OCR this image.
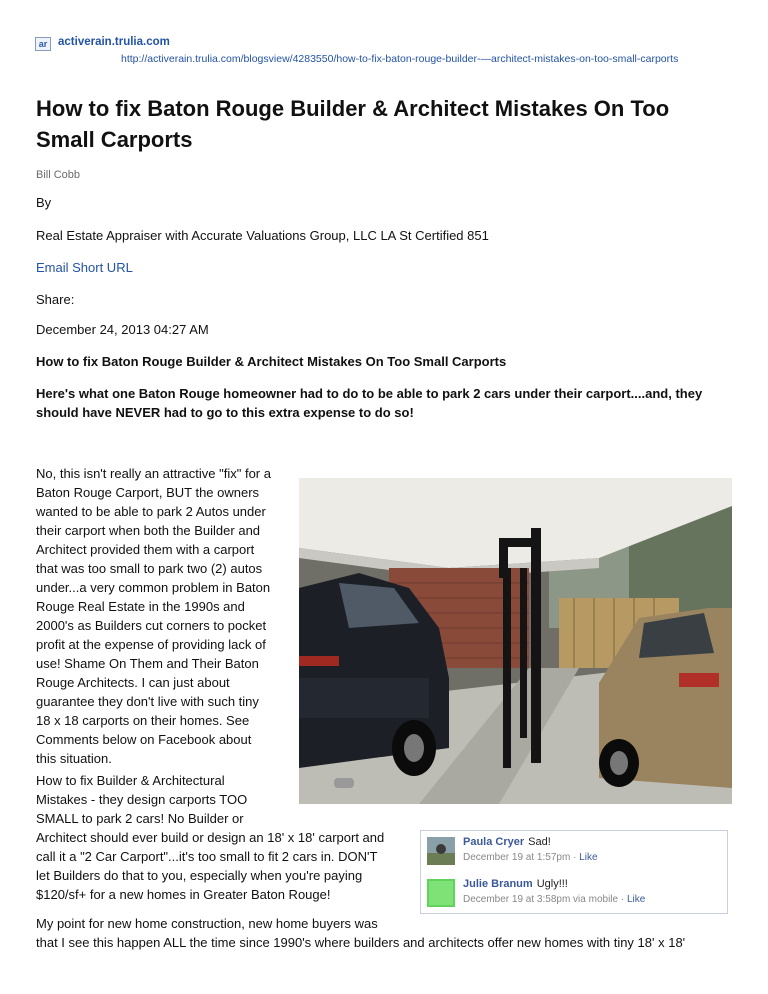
ar activerain.trulia.com
http://activerain.trulia.com/blogsview/4283550/how-to-fix-baton-rouge-builder-—architect-mistakes-on-too-small-carports
How to fix Baton Rouge Builder & Architect Mistakes On Too Small Carports
Bill Cobb
By
Real Estate Appraiser with Accurate Valuations Group, LLC LA St Certified 851
Email Short URL
Share:
December 24, 2013 04:27 AM
How to fix Baton Rouge Builder & Architect Mistakes On Too Small Carports
Here's what one Baton Rouge homeowner had to do to be able to park 2 cars under their carport....and, they
should have NEVER had to go to this extra expense to do so!
No, this isn't really an attractive "fix" for a
Baton Rouge Carport, BUT the owners
wanted to be able to park 2 Autos under
their carport when both the Builder and
Architect provided them with a carport
that was too small to park two (2) autos
under...a very common problem in Baton
Rouge Real Estate in the 1990s and
2000's as Builders cut corners to pocket
profit at the expense of providing lack of
use! Shame On Them and Their Baton
Rouge Architects. I can just about
guarantee they don't live with such tiny
18 x 18 carports on their homes. See
Comments below on Facebook about
this situation.
How to fix Builder & Architectural
Mistakes - they design carports TOO
SMALL to park 2 cars! No Builder or
Architect should ever build or design an 18' x 18' carport and
call it a "2 Car Carport"...it's too small to fit 2 cars in. DON'T
let Builders do that to you, especially when you're paying
$120/sf+ for a new homes in Greater Baton Rouge!
My point for new home construction, new home buyers was
that I see this happen ALL the time since 1990's where builders and architects offer new homes with tiny 18' x 18'
Paula Cryer Sad!
December 19 at 1:57pm · Like
Julie Branum Ugly!!!
December 19 at 3:58pm via mobile · Like
